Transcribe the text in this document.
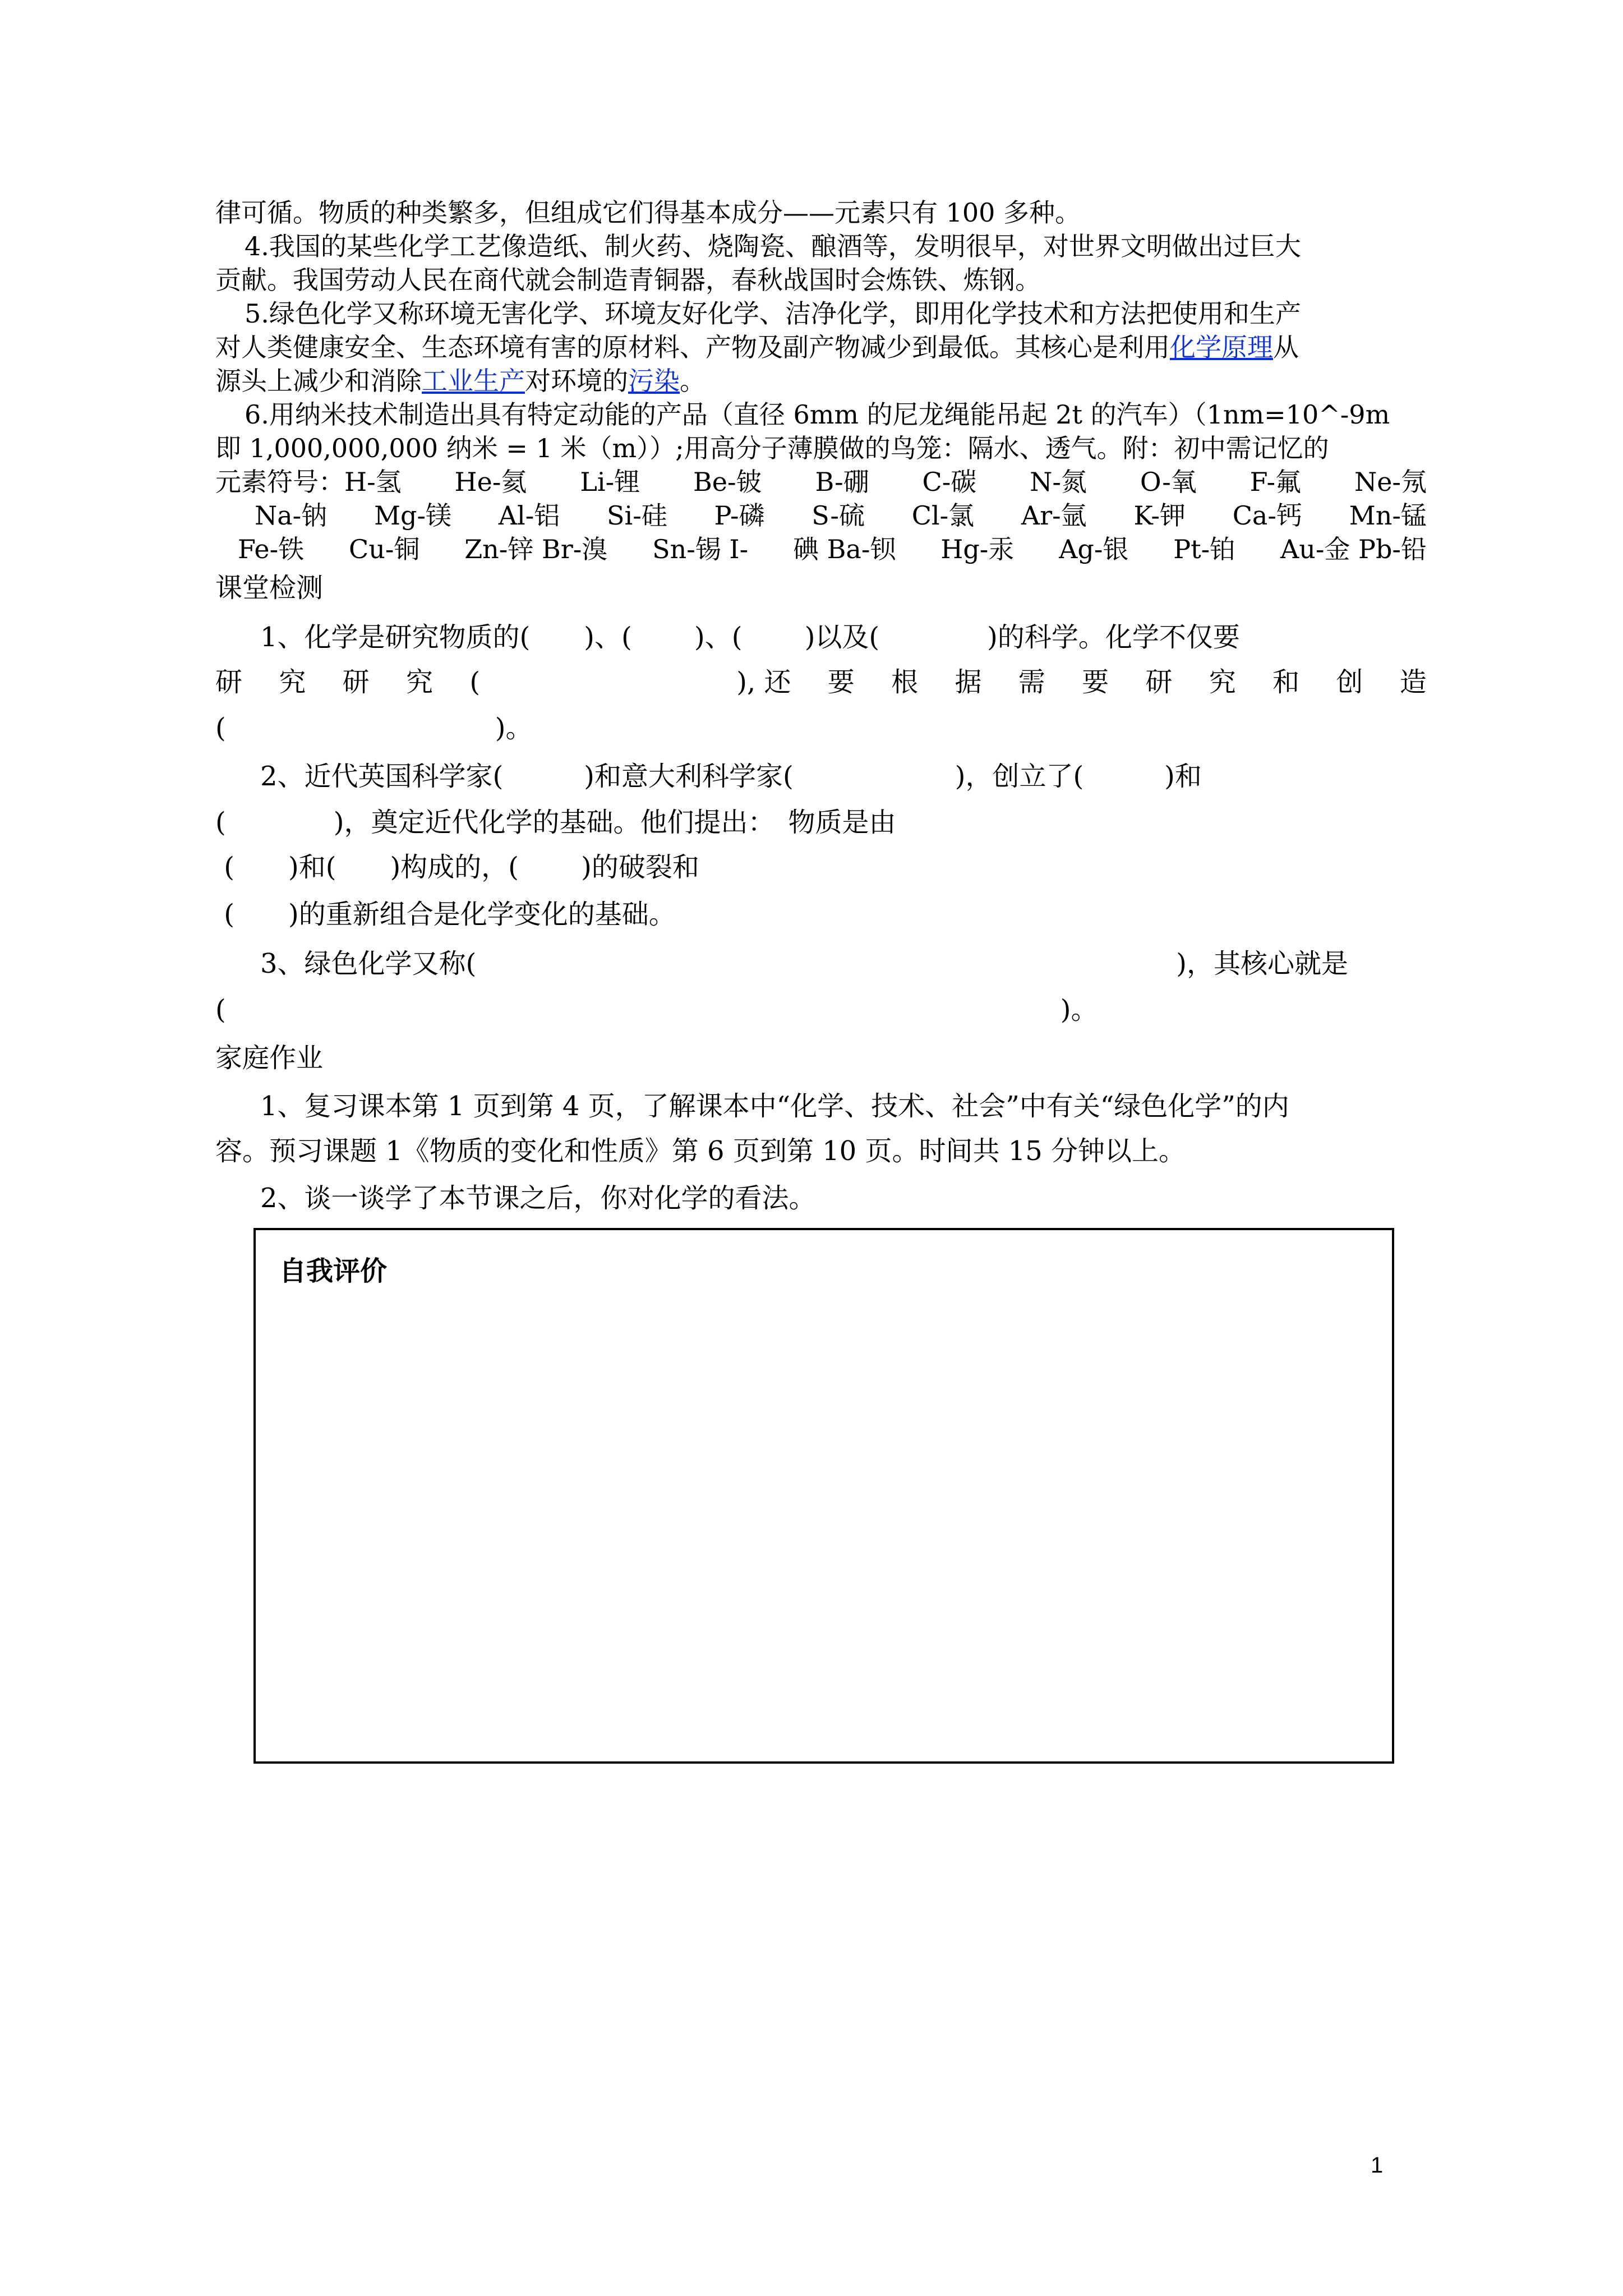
律可循。物质的种类繁多，但组成它们得基本成分——元素只有 100 多种。
4.我国的某些化学工艺像造纸、制火药、烧陶瓷、酿酒等，发明很早，对世界文明做出过巨大
贡献。我国劳动人民在商代就会制造青铜器，春秋战国时会炼铁、炼钢。
5.绿色化学又称环境无害化学、环境友好化学、洁净化学，即用化学技术和方法把使用和生产
对人类健康安全、生态环境有害的原材料、产物及副产物减少到最低。其核心是利用化学原理从
源头上减少和消除工业生产对环境的污染。
6.用纳米技术制造出具有特定动能的产品（直径 6mm 的尼龙绳能吊起 2t 的汽车）（1nm=10^-9m
即 1,000,000,000 纳米 = 1 米（m））;用高分子薄膜做的鸟笼：隔水、透气。附：初中需记忆的
元素符号：H-氢 He-氦 Li-锂 Be-铍 B-硼 C-碳 N-氮 O-氧 F-氟 Ne-氖
Na-钠 Mg-镁 Al-铝 Si-硅 P-磷 S-硫 Cl-氯 Ar-氩 K-钾 Ca-钙 Mn-锰
Fe-铁 Cu-铜 Zn-锌 Br-溴 Sn-锡 I- 碘 Ba-钡 Hg-汞 Ag-银 Pt-铂 Au-金 Pb-铅
课堂检测
1、化学是研究物质的(　　)、(　　 )、(　　 )以及(　　　　)的科学。化学不仅要
研 究 研 究 (	), 还 要 根 据 需 要 研 究 和 创 造
(　　　　　　　　　　)。
2、近代英国科学家(　　　)和意大利科学家(　　　　　　)，创立了(　　　)和
(　　　　)，奠定近代化学的基础。他们提出：　物质是由
(　　)和(　　)构成的，(　　 )的破裂和
(　　)的重新组合是化学变化的基础。
3、绿色化学又称(　　　　　　　　　　　　　　　　　　　　　　　　　　)，其核心就是
(　　　　　　　　　　　　　　　　　　　　　　　　　　　　　　　)。
家庭作业
1、复习课本第 1 页到第 4 页，了解课本中“化学、技术、社会”中有关“绿色化学”的内
容。预习课题 1《物质的变化和性质》第 6 页到第 10 页。时间共 15 分钟以上。
2、谈一谈学了本节课之后，你对化学的看法。
自我评价
1
